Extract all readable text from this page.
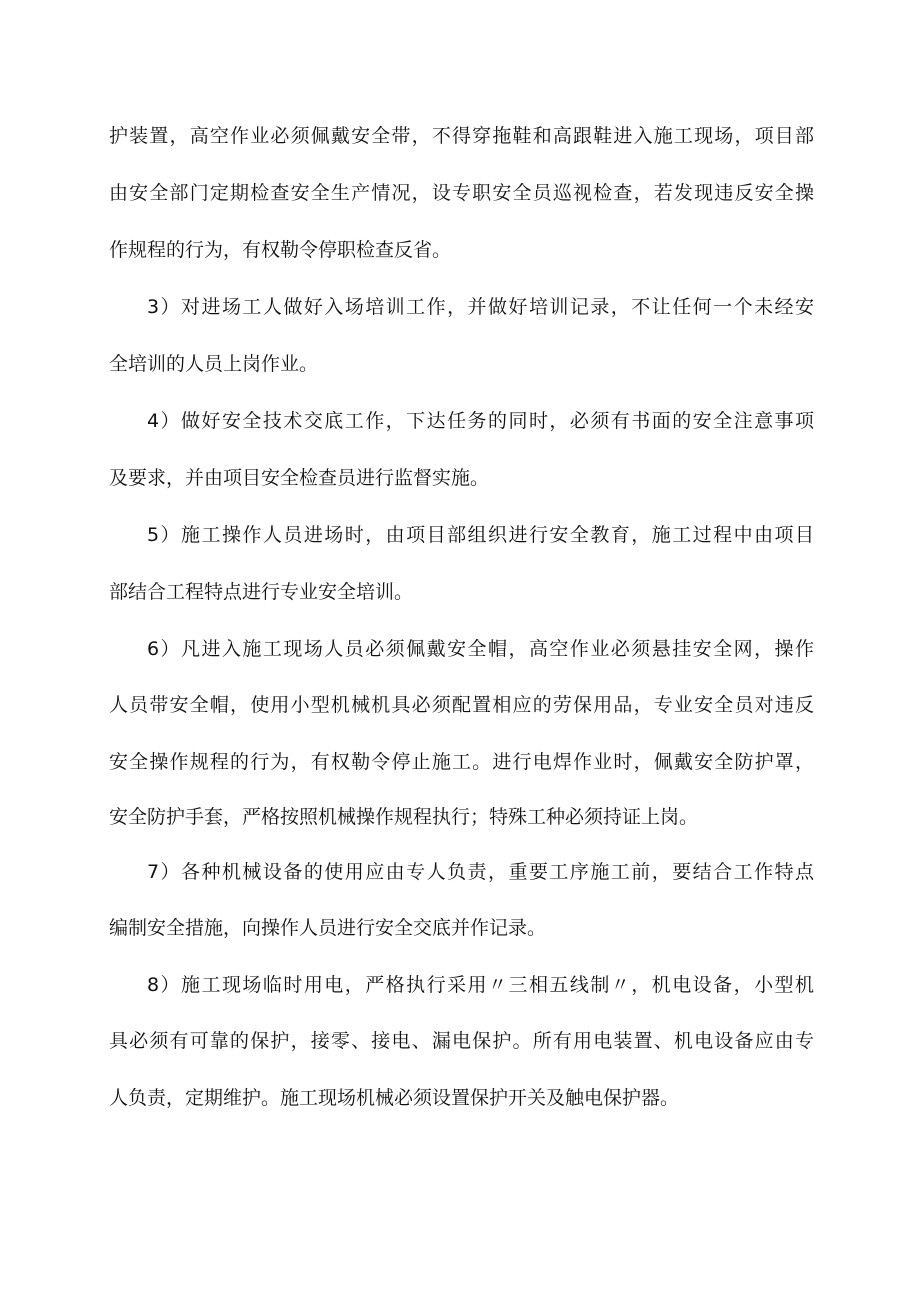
护装置，高空作业必须佩戴安全带，不得穿拖鞋和高跟鞋进入施工现场，项目部
由安全部门定期检查安全生产情况，设专职安全员巡视检查，若发现违反安全操
作规程的行为，有权勒令停职检查反省。
3）对进场工人做好入场培训工作，并做好培训记录，不让任何一个未经安
全培训的人员上岗作业。
4）做好安全技术交底工作，下达任务的同时，必须有书面的安全注意事项
及要求，并由项目安全检查员进行监督实施。
5）施工操作人员进场时，由项目部组织进行安全教育，施工过程中由项目
部结合工程特点进行专业安全培训。
6）凡进入施工现场人员必须佩戴安全帽，高空作业必须悬挂安全网，操作
人员带安全帽，使用小型机械机具必须配置相应的劳保用品，专业安全员对违反
安全操作规程的行为，有权勒令停止施工。进行电焊作业时，佩戴安全防护罩，
安全防护手套，严格按照机械操作规程执行；特殊工种必须持证上岗。
7）各种机械设备的使用应由专人负责，重要工序施工前，要结合工作特点
编制安全措施，向操作人员进行安全交底并作记录。
8）施工现场临时用电，严格执行采用〃三相五线制〃，机电设备，小型机
具必须有可靠的保护，接零、接电、漏电保护。所有用电装置、机电设备应由专
人负责，定期维护。施工现场机械必须设置保护开关及触电保护器。
